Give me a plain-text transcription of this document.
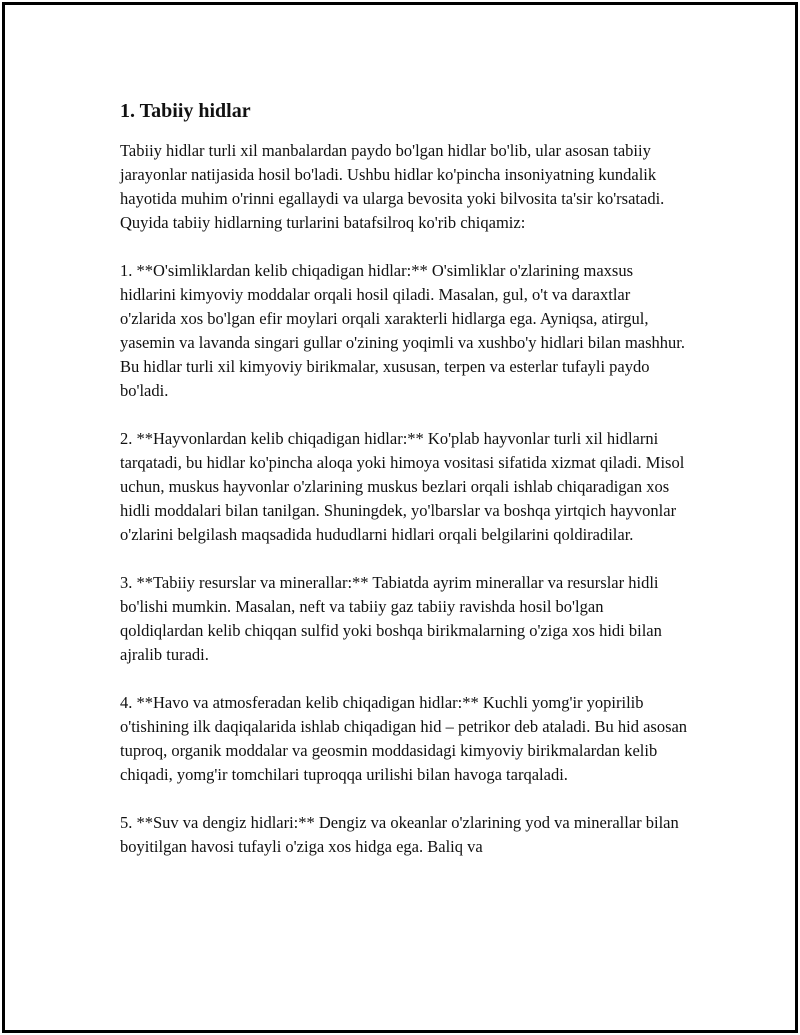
1. Tabiiy hidlar

Tabiiy hidlar turli xil manbalardan paydo bo'lgan hidlar bo'lib, ular asosan tabiiy jarayonlar natijasida hosil bo'ladi. Ushbu hidlar ko'pincha insoniyatning kundalik hayotida muhim o'rinni egallaydi va ularga bevosita yoki bilvosita ta'sir ko'rsatadi. Quyida tabiiy hidlarning turlarini batafsilroq ko'rib chiqamiz:

1. **O'simliklardan kelib chiqadigan hidlar:** O'simliklar o'zlarining maxsus hidlarini kimyoviy moddalar orqali hosil qiladi. Masalan, gul, o't va daraxtlar o'zlarida xos bo'lgan efir moylari orqali xarakterli hidlarga ega. Ayniqsa, atirgul, yasemin va lavanda singari gullar o'zining yoqimli va xushbo'y hidlari bilan mashhur. Bu hidlar turli xil kimyoviy birikmalar, xususan, terpen va esterlar tufayli paydo bo'ladi.

2. **Hayvonlardan kelib chiqadigan hidlar:** Ko'plab hayvonlar turli xil hidlarni tarqatadi, bu hidlar ko'pincha aloqa yoki himoya vositasi sifatida xizmat qiladi. Misol uchun, muskus hayvonlar o'zlarining muskus bezlari orqali ishlab chiqaradigan xos hidli moddalari bilan tanilgan. Shuningdek, yo'lbarslar va boshqa yirtqich hayvonlar o'zlarini belgilash maqsadida hududlarni hidlari orqali belgilarini qoldiradilar.

3. **Tabiiy resurslar va minerallar:** Tabiatda ayrim minerallar va resurslar hidli bo'lishi mumkin. Masalan, neft va tabiiy gaz tabiiy ravishda hosil bo'lgan qoldiqlardan kelib chiqqan sulfid yoki boshqa birikmalarning o'ziga xos hidi bilan ajralib turadi.

4. **Havo va atmosferadan kelib chiqadigan hidlar:** Kuchli yomg'ir yopirilib o'tishining ilk daqiqalarida ishlab chiqadigan hid – petrikor deb ataladi. Bu hid asosan tuproq, organik moddalar va geosmin moddasidagi kimyoviy birikmalardan kelib chiqadi, yomg'ir tomchilari tuproqqa urilishi bilan havoga tarqaladi.

5. **Suv va dengiz hidlari:** Dengiz va okeanlar o'zlarining yod va minerallar bilan boyitilgan havosi tufayli o'ziga xos hidga ega. Baliq va
